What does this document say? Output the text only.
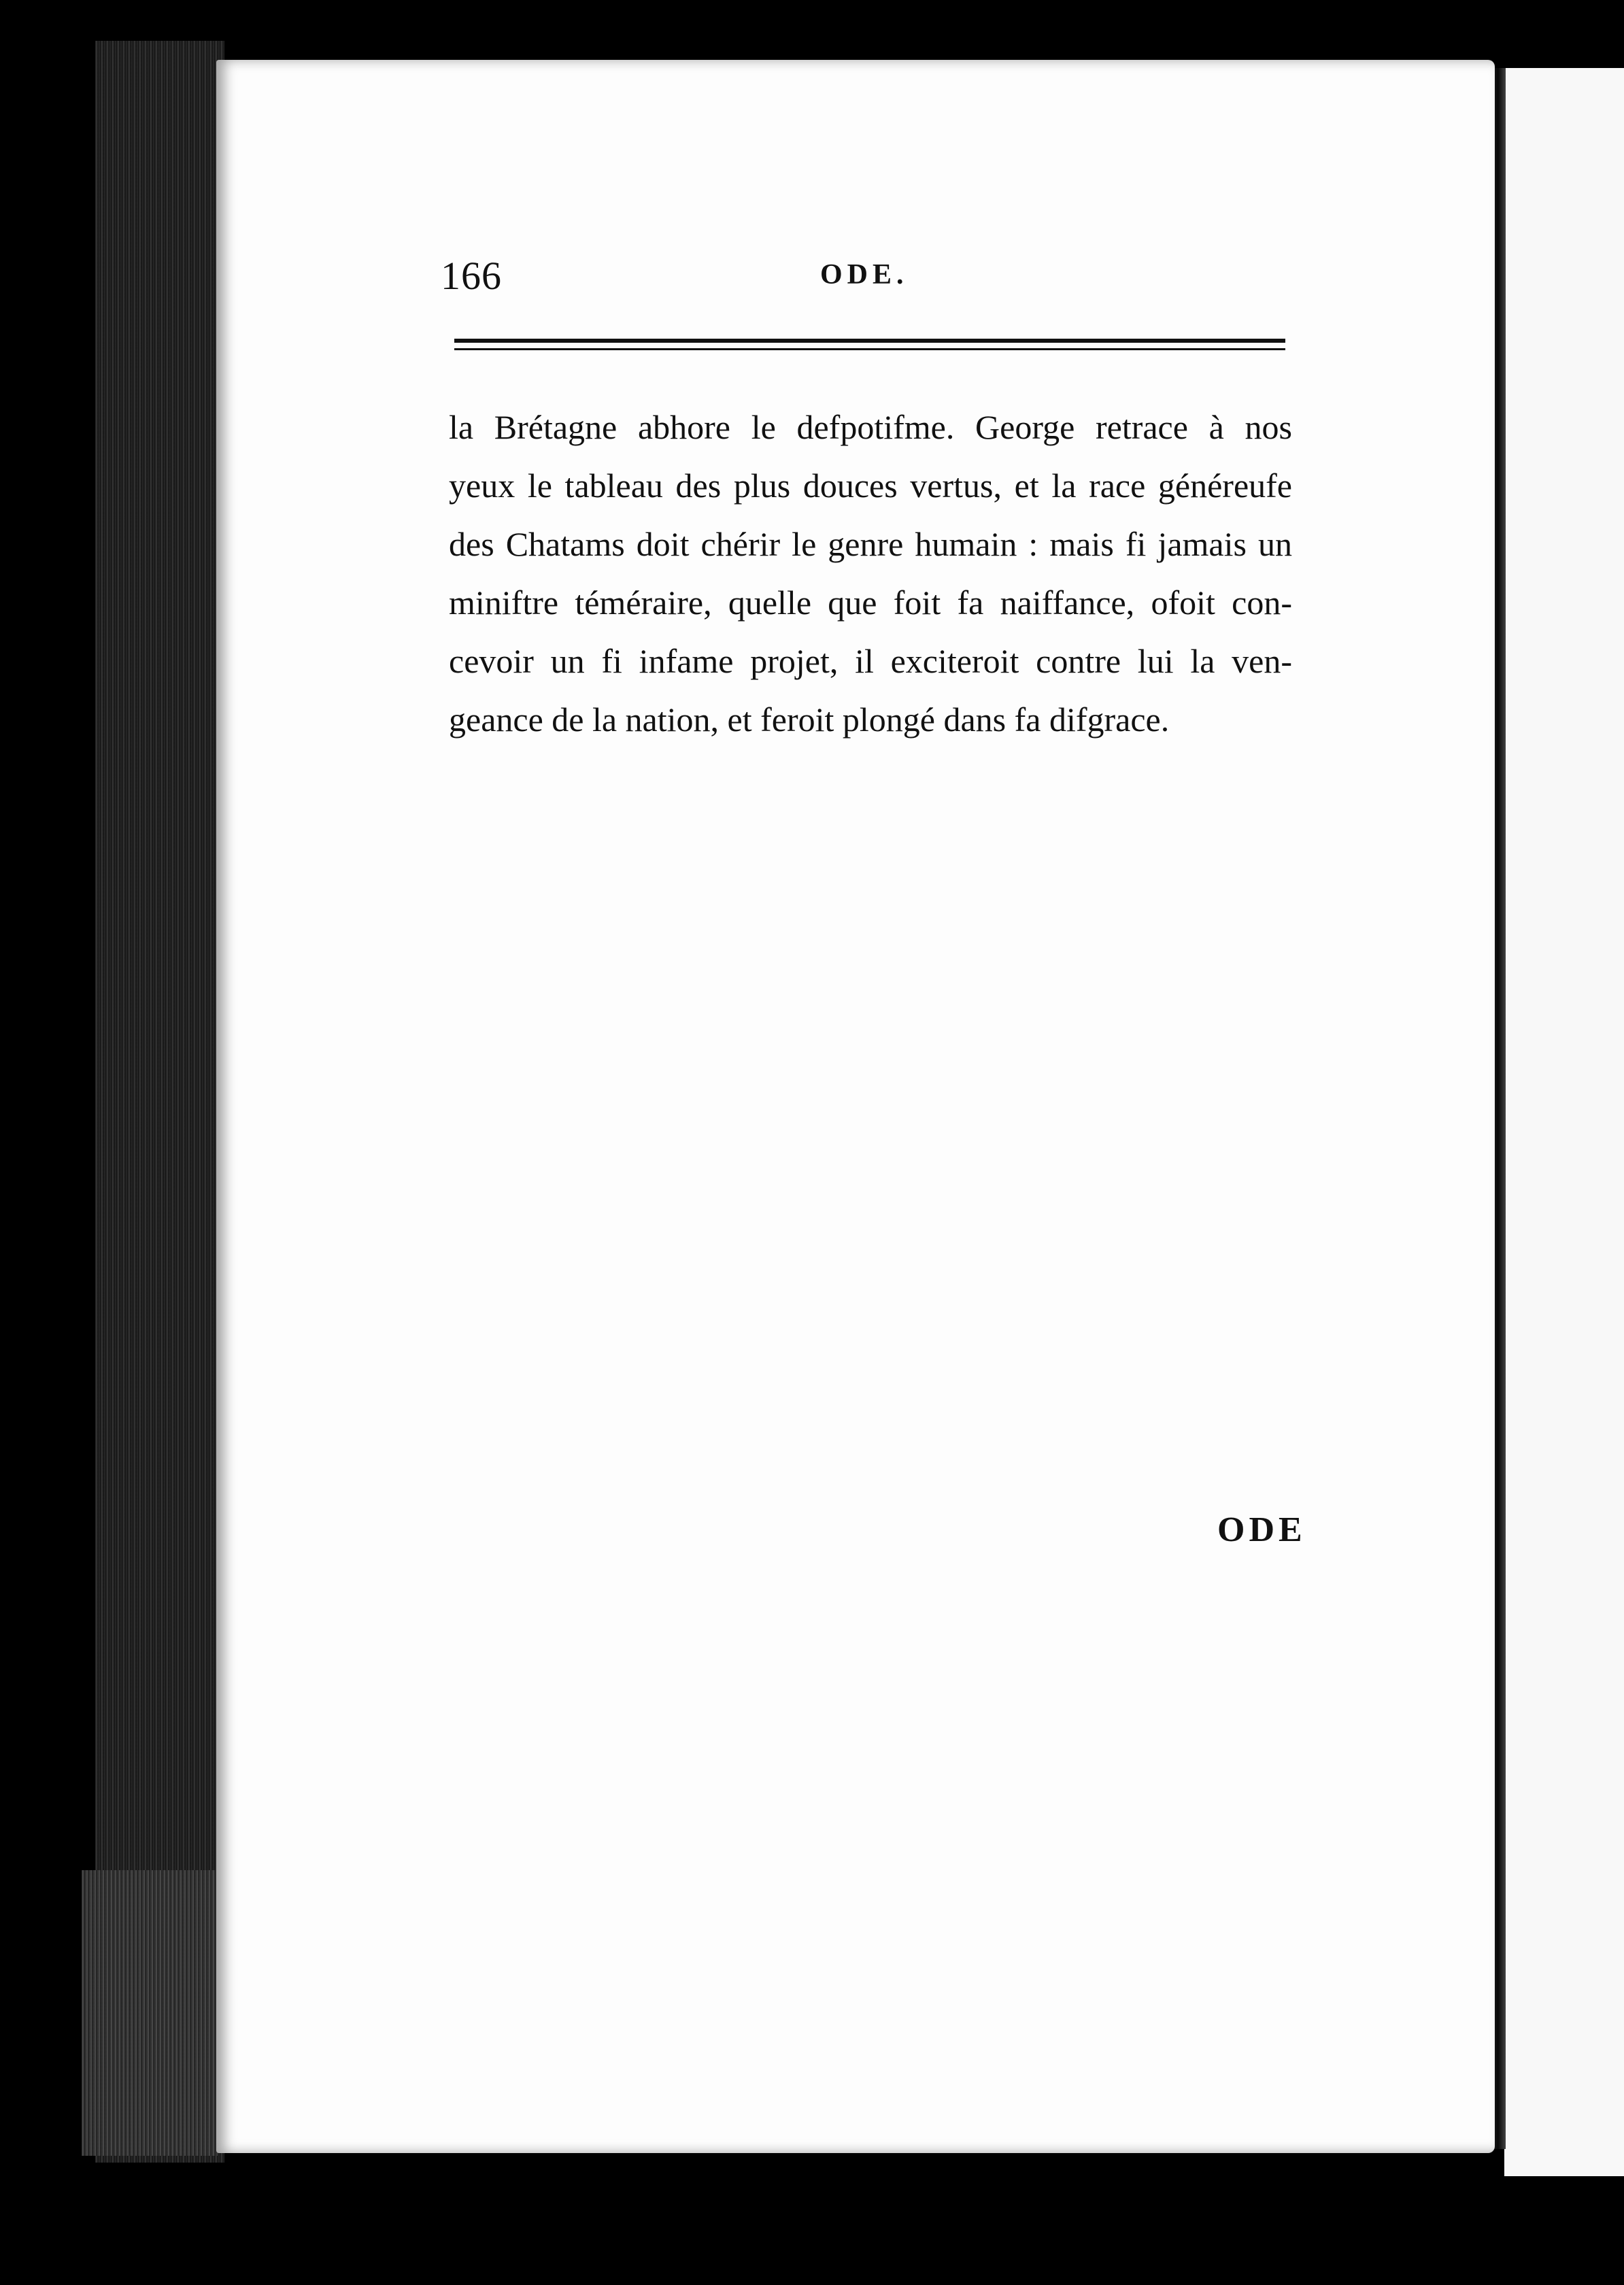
166	ODE.
la Brétagne abhore le defpotifme. George retrace à nos
yeux le tableau des plus douces vertus, et la race généreufe
des Chatams doit chérir le genre humain : mais fi jamais un
miniftre téméraire, quelle que foit fa naiffance, ofoit con-
cevoir un fi infame projet, il exciteroit contre lui la ven-
geance de la nation, et feroit plongé dans fa difgrace.
ODE
